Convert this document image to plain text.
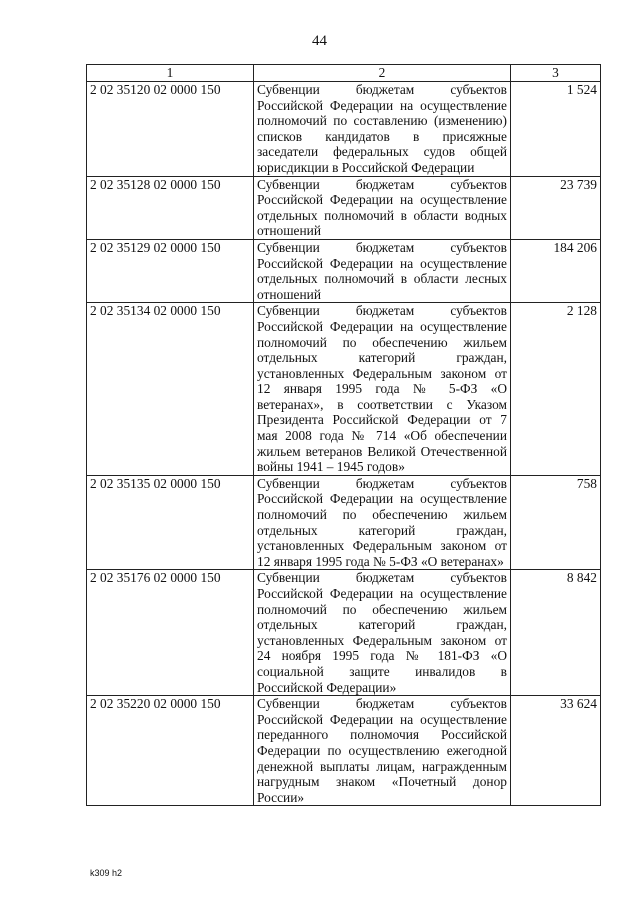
44
1	2	3
2 02 35120 02 0000 150	Субвенции бюджетам субъектов Российской Федерации на осуществление полномочий по составлению (изменению) списков кандидатов в присяжные заседатели федеральных судов общей юрисдикции в Российской Федерации	1 524
2 02 35128 02 0000 150	Субвенции бюджетам субъектов Российской Федерации на осуществление отдельных полномочий в области водных отношений	23 739
2 02 35129 02 0000 150	Субвенции бюджетам субъектов Российской Федерации на осуществление отдельных полномочий в области лесных отношений	184 206
2 02 35134 02 0000 150	Субвенции бюджетам субъектов Российской Федерации на осуществление полномочий по обеспечению жильем отдельных категорий граждан, установленных Федеральным законом от 12 января 1995 года № 5-ФЗ «О ветеранах», в соответствии с Указом Президента Российской Федерации от 7 мая 2008 года № 714 «Об обеспечении жильем ветеранов Великой Отечественной войны 1941 – 1945 годов»	2 128
2 02 35135 02 0000 150	Субвенции бюджетам субъектов Российской Федерации на осуществление полномочий по обеспечению жильем отдельных категорий граждан, установленных Федеральным законом от 12 января 1995 года № 5-ФЗ «О ветеранах»	758
2 02 35176 02 0000 150	Субвенции бюджетам субъектов Российской Федерации на осуществление полномочий по обеспечению жильем отдельных категорий граждан, установленных Федеральным законом от 24 ноября 1995 года № 181-ФЗ «О социальной защите инвалидов в Российской Федерации»	8 842
2 02 35220 02 0000 150	Субвенции бюджетам субъектов Российской Федерации на осуществление переданного полномочия Российской Федерации по осуществлению ежегодной денежной выплаты лицам, награжденным нагрудным знаком «Почетный донор России»	33 624
k309 h2
